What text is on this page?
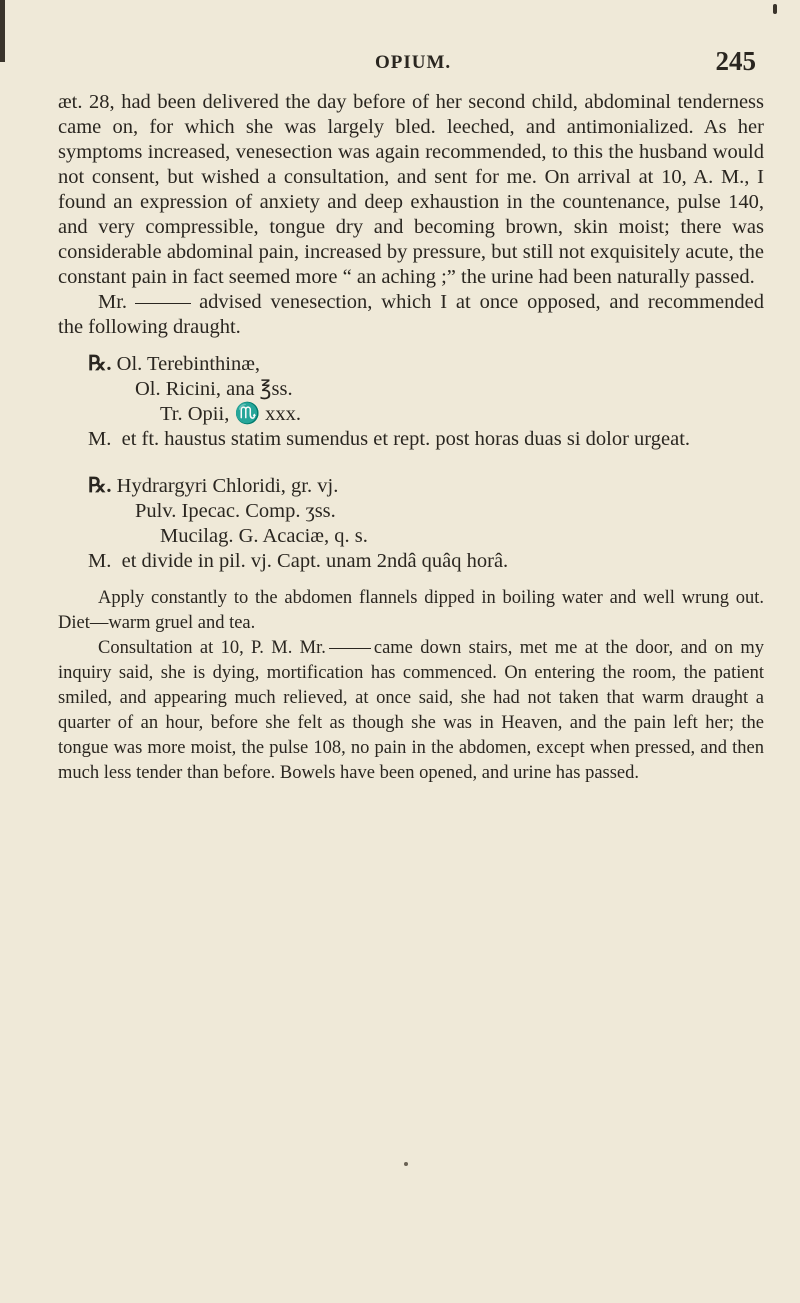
OPIUM.	245

æt. 28, had been delivered the day before of her second child, abdominal tenderness came on, for which she was largely bled. leeched, and antimonialized. As her symptoms increased, venesection was again recommended, to this the husband would not consent, but wished a consultation, and sent for me. On arrival at 10, A. M., I found an expression of anxiety and deep exhaustion in the countenance, pulse 140, and very compressible, tongue dry and becoming brown, skin moist; there was considerable abdominal pain, increased by pressure, but still not exquisitely acute, the constant pain in fact seemed more “ an aching ;” the urine had been naturally passed.

Mr.	advised venesection, which I at once opposed, and recommended the following draught.

℞. Ol. Terebinthinæ,

Ol. Ricini, ana ℥ss.

Tr. Opii, ♏ xxx.

M. et ft. haustus statim sumendus et rept. post horas duas si dolor urgeat.

℞. Hydrargyri Chloridi, gr. vj.

Pulv. Ipecac. Comp. ʒss.

Mucilag. G. Acaciæ, q. s.

M. et divide in pil. vj. Capt. unam 2ndâ quâq horâ.

Apply constantly to the abdomen flannels dipped in boiling water and well wrung out. Diet—warm gruel and tea.

Consultation at 10, P. M. Mr.	came down stairs, met me at the door, and on my inquiry said, she is dying, mortification has commenced. On entering the room, the patient smiled, and appearing much relieved, at once said, she had not taken that warm draught a quarter of an hour, before she felt as though she was in Heaven, and the pain left her; the tongue was more moist, the pulse 108, no pain in the abdomen, except when pressed, and then much less tender than before. Bowels have been opened, and urine has passed.
